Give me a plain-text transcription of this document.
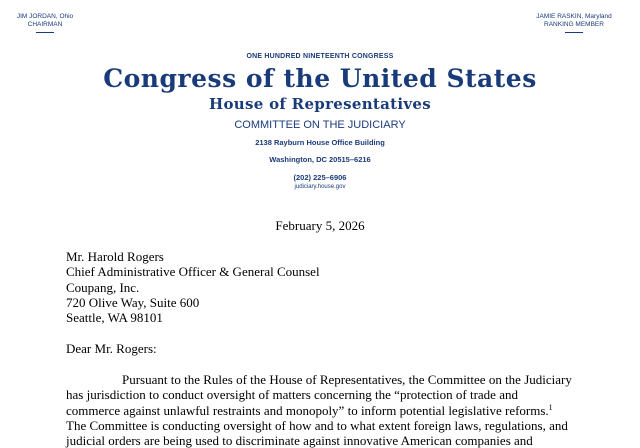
JIM JORDAN, Ohio
CHAIRMAN
JAMIE RASKIN, Maryland
RANKING MEMBER
ONE HUNDRED NINETEENTH CONGRESS
Congress of the United States
House of Representatives
COMMITTEE ON THE JUDICIARY
2138 Rayburn House Office Building
Washington, DC 20515–6216
(202) 225–6906
judiciary.house.gov
February 5, 2026
Mr. Harold Rogers
Chief Administrative Officer & General Counsel
Coupang, Inc.
720 Olive Way, Suite 600
Seattle, WA 98101
Dear Mr. Rogers:
Pursuant to the Rules of the House of Representatives, the Committee on the Judiciary
has jurisdiction to conduct oversight of matters concerning the “protection of trade and
commerce against unlawful restraints and monopoly” to inform potential legislative reforms.$^1$
The Committee is conducting oversight of how and to what extent foreign laws, regulations, and
judicial orders are being used to discriminate against innovative American companies and
